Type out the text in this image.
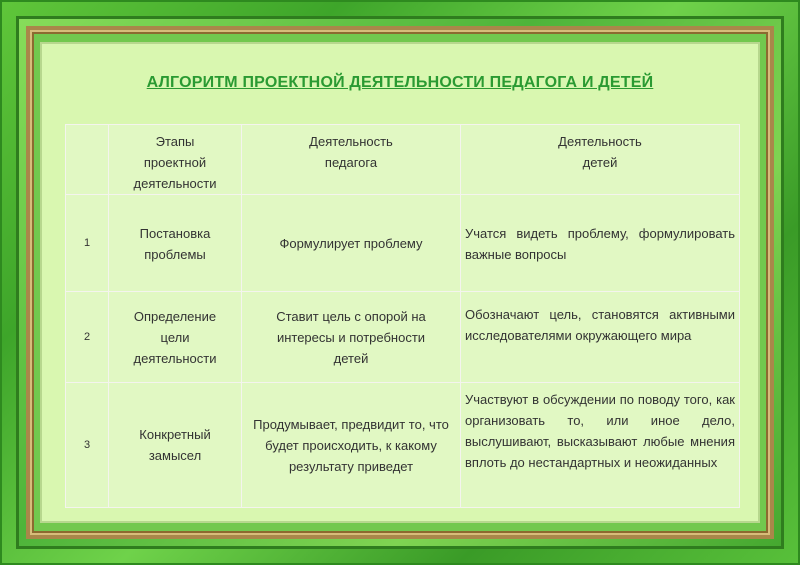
АЛГОРИТМ ПРОЕКТНОЙ ДЕЯТЕЛЬНОСТИ ПЕДАГОГА И ДЕТЕЙ

	Этапы проектной деятельности	Деятельность педагога	Деятельность детей

1	Постановка проблемы	Формулирует проблему	Учатся видеть проблему, формулировать важные вопросы
2	Определение цели деятельности	Ставит цель с опорой на интересы и потребности детей	Обозначают цель, становятся активными исследователями окружающего мира
3	Конкретный замысел	Продумывает, предвидит то, что будет происходить, к какому результату приведет	Участвуют в обсуждении по поводу того, как организовать то, или иное дело, выслушивают, высказывают любые мнения вплоть до нестандартных и неожиданных
